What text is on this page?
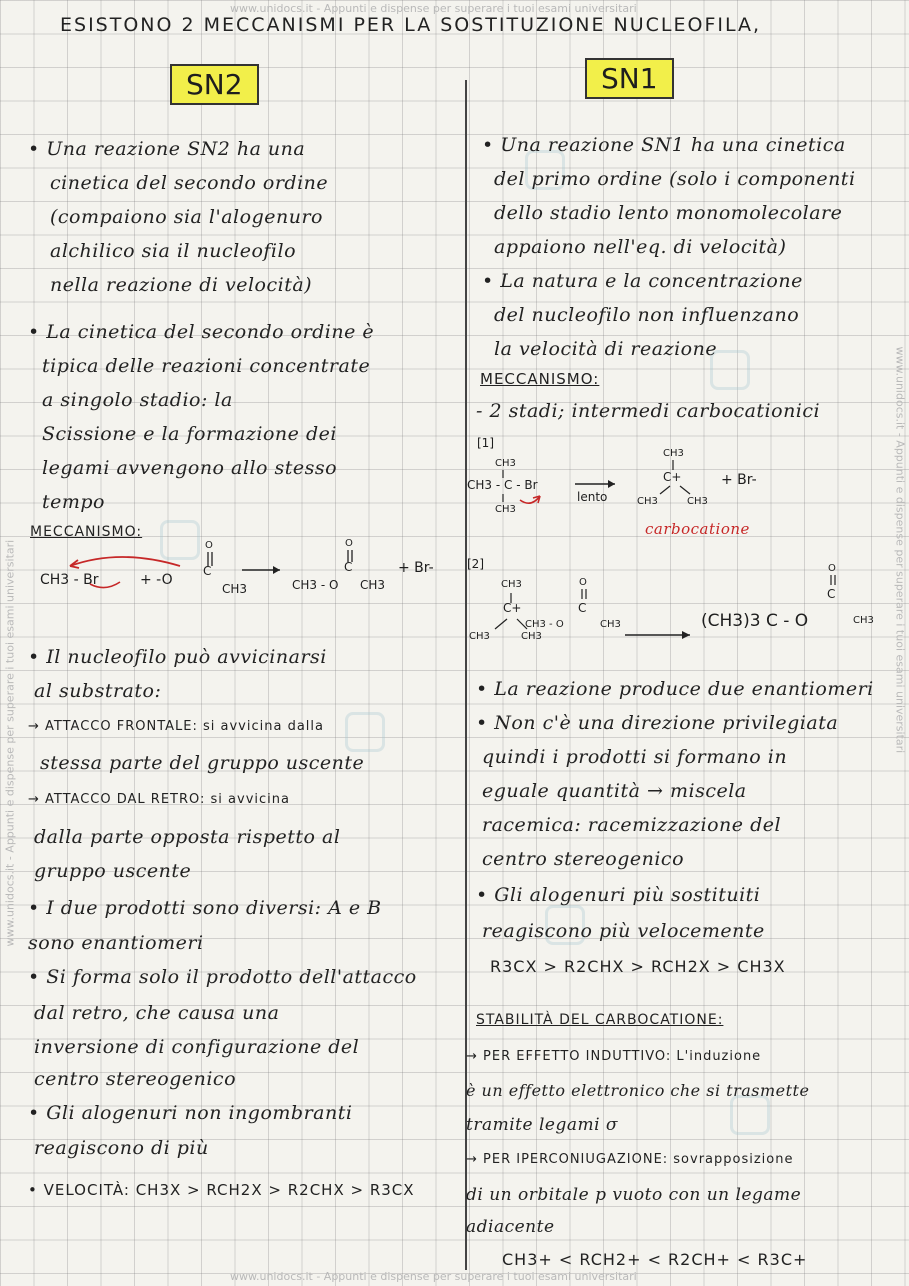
www.unidocs.it - Appunti e dispense per superare i tuoi esami universitari
www.unidocs.it - Appunti e dispense per superare i tuoi esami universitari
www.unidocs.it - Appunti e dispense per superare i tuoi esami universitari	www.unidocs.it - Appunti e dispense per superare i tuoi esami universitari
ESISTONO 2 MECCANISMI PER LA SOSTITUZIONE NUCLEOFILA,
SN2
• Una reazione SN2 ha una
cinetica del secondo ordine
(compaiono sia l'alogenuro
alchilico sia il nucleofilo
nella reazione di velocità)
• La cinetica del secondo ordine è
tipica delle reazioni concentrate
a singolo stadio: la
Scissione e la formazione dei
legami avvengono allo stesso
tempo
MECCANISMO:
CH3 - Br	+ -O
O
C
CH3
O
C
CH3 - O CH3
+ Br-
• Il nucleofilo può avvicinarsi
al substrato:
→ ATTACCO FRONTALE: si avvicina dalla
stessa parte del gruppo uscente
→ ATTACCO DAL RETRO: si avvicina
dalla parte opposta rispetto al
gruppo uscente
• I due prodotti sono diversi: A e B
sono enantiomeri
• Si forma solo il prodotto dell'attacco
dal retro, che causa una
inversione di configurazione del
centro stereogenico
• Gli alogenuri non ingombranti
reagiscono di più
• VELOCITÀ: CH3X > RCH2X > R2CHX > R3CX
SN1
• Una reazione SN1 ha una cinetica
del primo ordine (solo i componenti
dello stadio lento monomolecolare
appaiono nell'eq. di velocità)
• La natura e la concentrazione
del nucleofilo non influenzano
la velocità di reazione
MECCANISMO:
- 2 stadi; intermedi carbocationici
[1]
CH3
CH3 - C - Br
CH3
lento
CH3
C+
CH3	CH3
+ Br-
carbocatione
[2]
CH3
C+
CH3	CH3
O
C
CH3 - O	CH3	(CH3)3 C - O
O
C
CH3
• La reazione produce due enantiomeri
• Non c'è una direzione privilegiata
quindi i prodotti si formano in
eguale quantità → miscela
racemica: racemizzazione del
centro stereogenico
• Gli alogenuri più sostituiti
reagiscono più velocemente
R3CX > R2CHX > RCH2X > CH3X
STABILITÀ DEL CARBOCATIONE:
→ PER EFFETTO INDUTTIVO: L'induzione
è un effetto elettronico che si trasmette
tramite legami σ
→ PER IPERCONIUGAZIONE: sovrapposizione
di un orbitale p vuoto con un legame
adiacente
CH3+ < RCH2+ < R2CH+ < R3C+
